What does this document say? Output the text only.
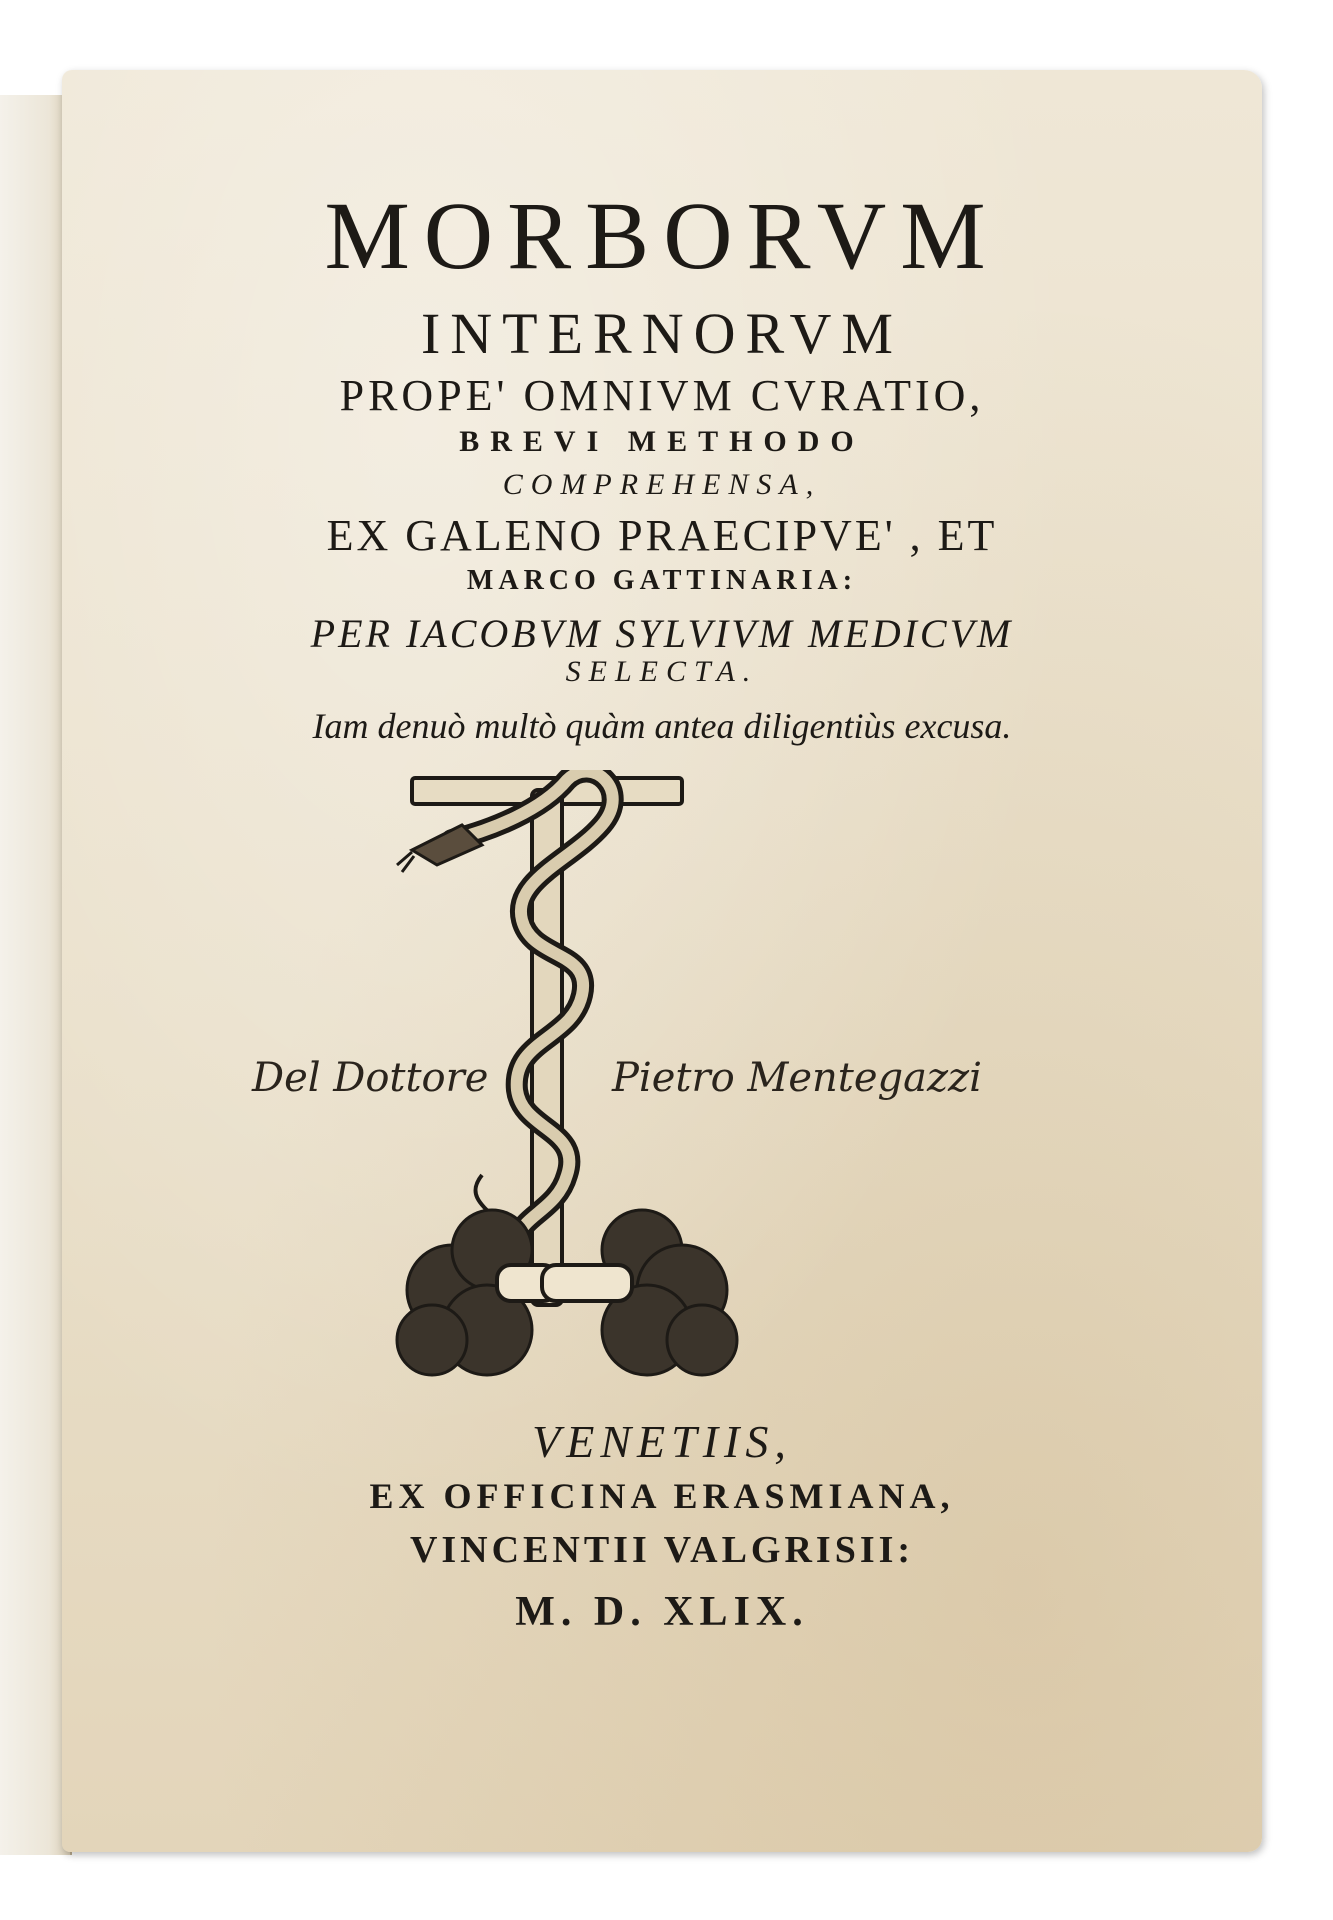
MORBORVM
INTERNORVM
PROPE' OMNIVM CVRATIO,
BREVI METHODO
COMPREHENSA,
EX GALENO PRAECIPVE' , ET
MARCO GATTINARIA:
PER IACOBVM SYLVIVM MEDICVM
SELECTA.
Iam denuò multò quàm antea diligentiùs excusa.
Del Dottore	Pietro Mentegazzi
VENETIIS,
EX OFFICINA ERASMIANA,
VINCENTII VALGRISII:
M. D. XLIX.
